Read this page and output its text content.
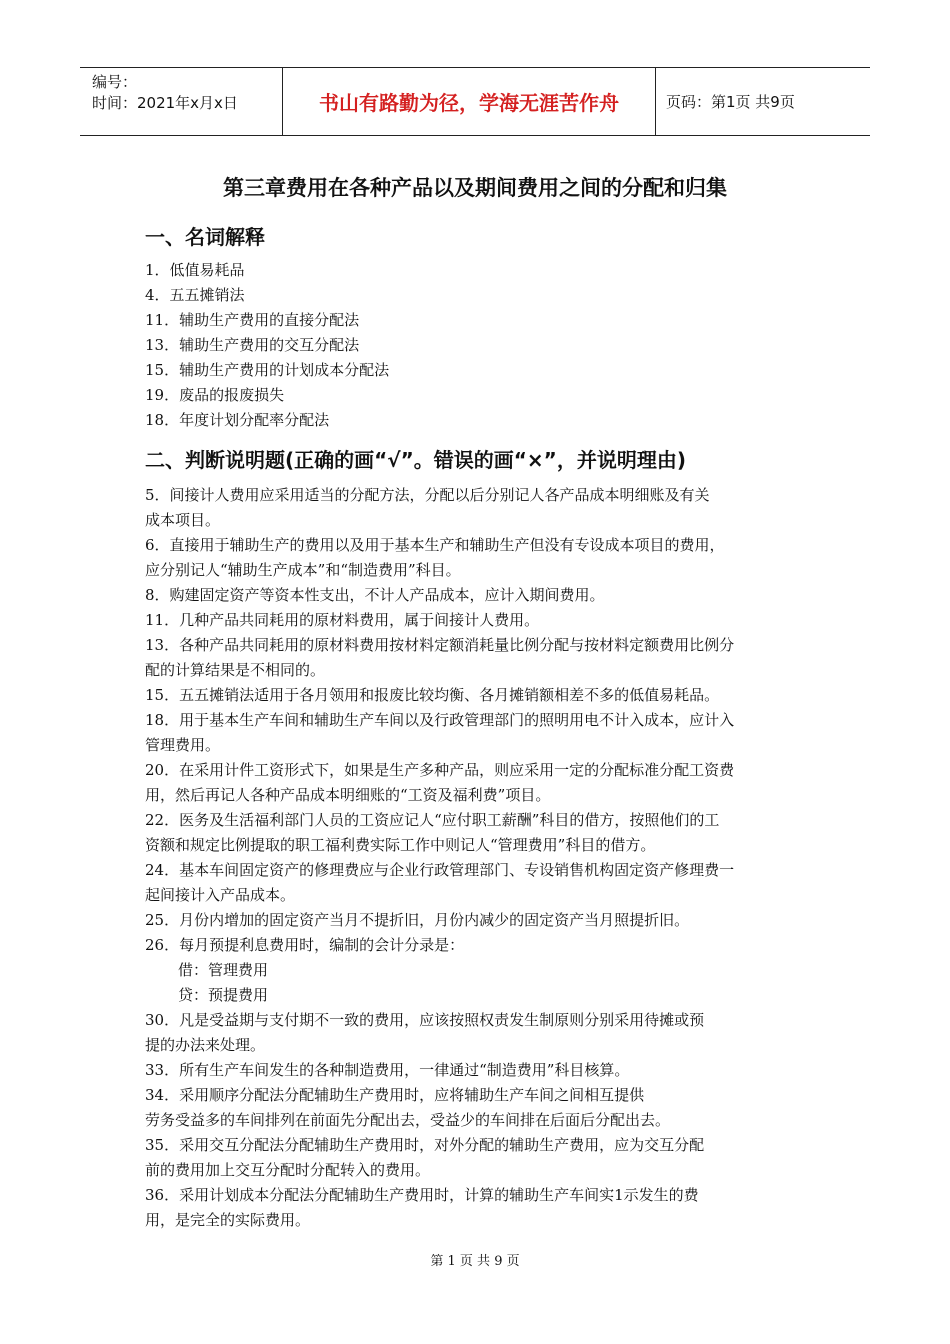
编号：
时间：2021年x月x日	书山有路勤为径，学海无涯苦作舟	页码：第1页 共9页
第三章费用在各种产品以及期间费用之间的分配和归集
一、名词解释
1．低值易耗品
4．五五摊销法
11．辅助生产费用的直接分配法
13．辅助生产费用的交互分配法
15．辅助生产费用的计划成本分配法
19．废品的报废损失
18．年度计划分配率分配法
二、判断说明题(正确的画“√”。错误的画“×”，并说明理由)
5．间接计人费用应采用适当的分配方法，分配以后分别记人各产品成本明细账及有关
成本项目。
6．直接用于辅助生产的费用以及用于基本生产和辅助生产但没有专设成本项目的费用，
应分别记人“辅助生产成本”和“制造费用”科目。
8．购建固定资产等资本性支出，不计人产品成本，应计入期间费用。
11．几种产品共同耗用的原材料费用，属于间接计人费用。
13．各种产品共同耗用的原材料费用按材料定额消耗量比例分配与按材料定额费用比例分
配的计算结果是不相同的。
15．五五摊销法适用于各月领用和报废比较均衡、各月摊销额相差不多的低值易耗品。
18．用于基本生产车间和辅助生产车间以及行政管理部门的照明用电不计入成本，应计入
管理费用。
20．在采用计件工资形式下，如果是生产多种产品，则应采用一定的分配标准分配工资费
用，然后再记人各种产品成本明细账的“工资及福利费”项目。
22．医务及生活福利部门人员的工资应记人“应付职工薪酬”科目的借方，按照他们的工
资额和规定比例提取的职工福利费实际工作中则记人“管理费用”科目的借方。
24．基本车间固定资产的修理费应与企业行政管理部门、专设销售机构固定资产修理费一
起间接计入产品成本。
25．月份内增加的固定资产当月不提折旧，月份内减少的固定资产当月照提折旧。
26．每月预提利息费用时，编制的会计分录是：
借：管理费用
贷：预提费用
30．凡是受益期与支付期不一致的费用，应该按照权责发生制原则分别采用待摊或预
提的办法来处理。
33．所有生产车间发生的各种制造费用，一律通过“制造费用”科目核算。
34．采用顺序分配法分配辅助生产费用时，应将辅助生产车间之间相互提供
劳务受益多的车间排列在前面先分配出去，受益少的车间排在后面后分配出去。
35．采用交互分配法分配辅助生产费用时，对外分配的辅助生产费用，应为交互分配
前的费用加上交互分配时分配转入的费用。
36．采用计划成本分配法分配辅助生产费用时，计算的辅助生产车间实1示发生的费
用，是完全的实际费用。
第 1 页 共 9 页
